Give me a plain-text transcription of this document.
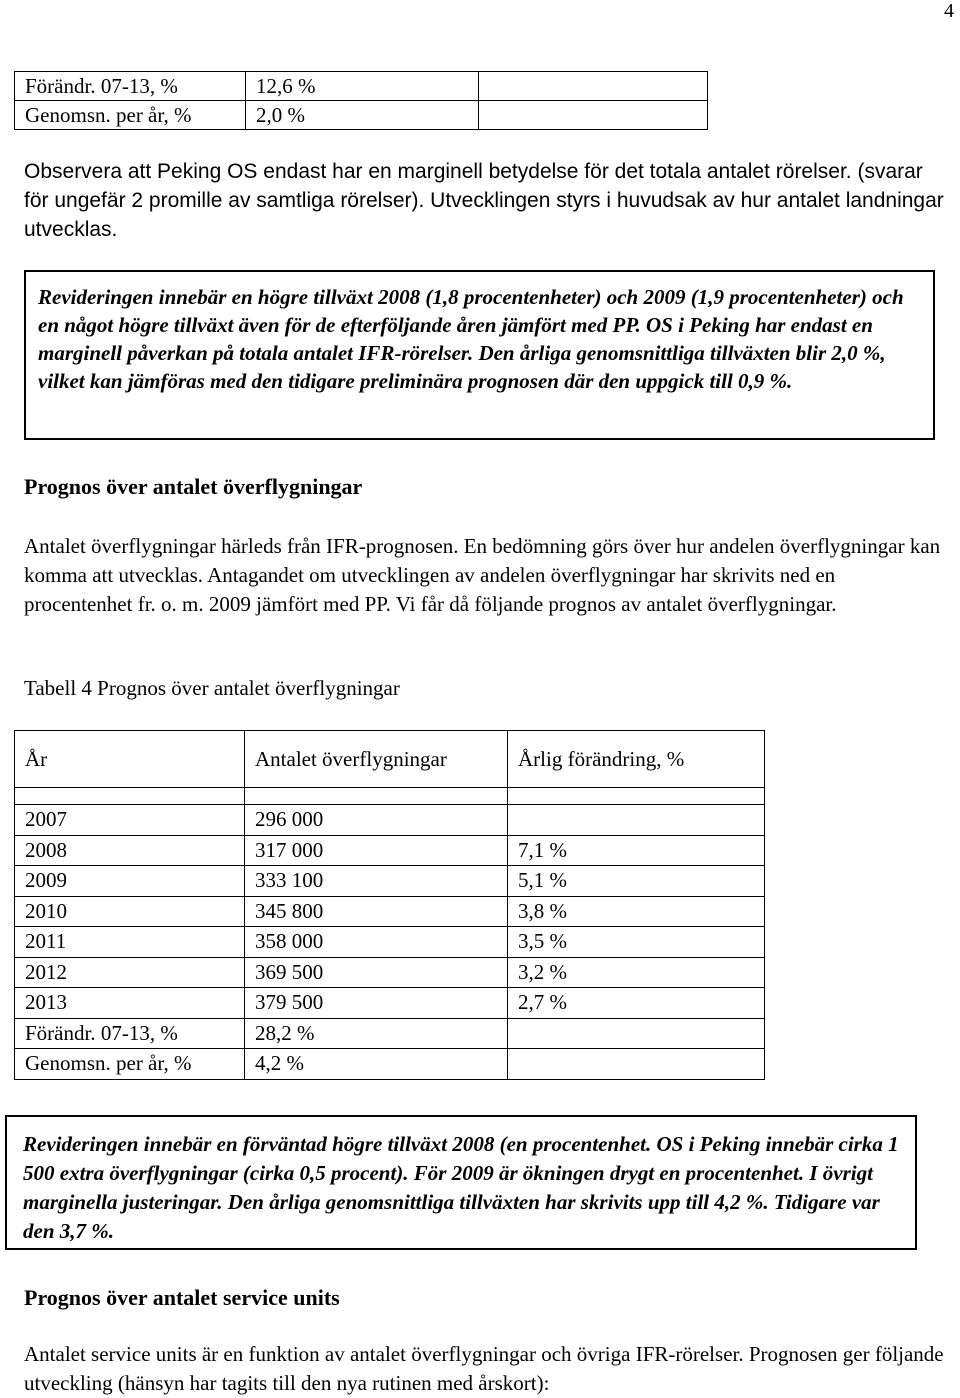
4
Förändr. 07-13, %	12,6 %	
Genomsn. per år, %	2,0 %	

Observera att Peking OS endast har en marginell betydelse för det totala antalet rörelser. (svarar för ungefär 2 promille av samtliga rörelser). Utvecklingen styrs i huvudsak av hur antalet landningar utvecklas.

Revideringen innebär en högre tillväxt 2008 (1,8 procentenheter) och 2009 (1,9 procentenheter) och en något högre tillväxt även för de efterföljande åren jämfört med PP. OS i Peking har endast en marginell påverkan på totala antalet IFR-rörelser. Den årliga genomsnittliga tillväxten blir 2,0 %, vilket kan jämföras med den tidigare preliminära prognosen där den uppgick till 0,9 %.
Prognos över antalet överflygningar

Antalet överflygningar härleds från IFR-prognosen. En bedömning görs över hur andelen överflygningar kan komma att utvecklas. Antagandet om utvecklingen av andelen överflygningar har skrivits ned en procentenhet fr. o. m. 2009 jämfört med PP. Vi får då följande prognos av antalet överflygningar.

Tabell 4 Prognos över antalet överflygningar
År	Antalet överflygningar	Årlig förändring, %

2007	296 000	
2008	317 000	7,1 %
2009	333 100	5,1 %
2010	345 800	3,8 %
2011	358 000	3,5 %
2012	369 500	3,2 %
2013	379 500	2,7 %
Förändr. 07-13, %	28,2 %	
Genomsn. per år, %	4,2 %	
Revideringen innebär en förväntad högre tillväxt 2008 (en procentenhet. OS i Peking innebär cirka 1 500 extra överflygningar (cirka 0,5 procent). För 2009 är ökningen drygt en procentenhet. I övrigt marginella justeringar. Den årliga genomsnittliga tillväxten har skrivits upp till 4,2 %. Tidigare var den 3,7 %.
Prognos över antalet service units

Antalet service units är en funktion av antalet överflygningar och övriga IFR-rörelser. Prognosen ger följande utveckling (hänsyn har tagits till den nya rutinen med årskort):
